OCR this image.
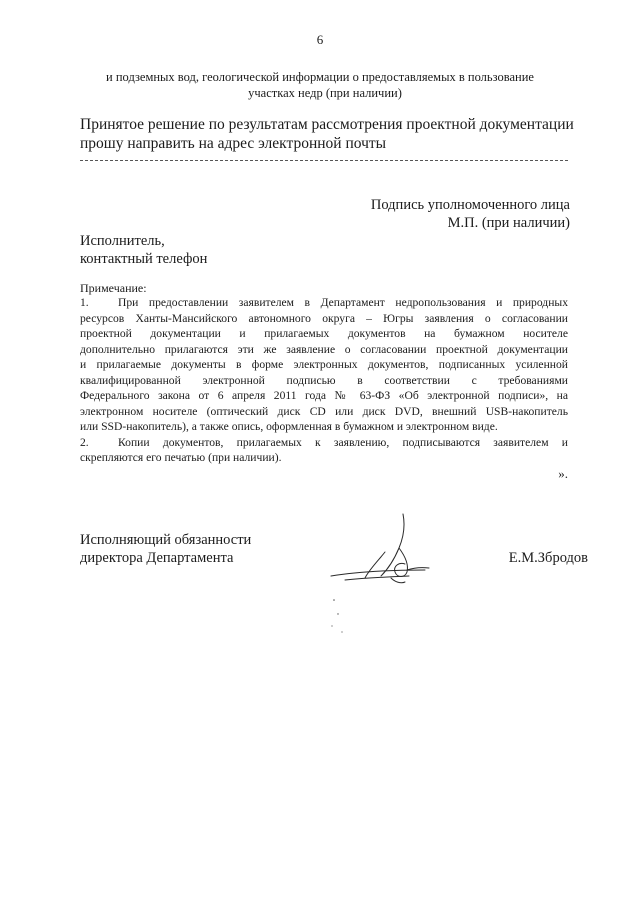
6
и подземных вод, геологической информации о предоставляемых в пользование
участках недр (при наличии)
Принятое решение по результатам рассмотрения проектной документации
прошу направить на адрес электронной почты
Подпись уполномоченного лица
М.П. (при наличии)
Исполнитель,
контактный телефон
Примечание:
1.	При предоставлении заявителем в Департамент недропользования и природных
ресурсов Ханты-Мансийского автономного округа – Югры заявления о согласовании
проектной документации и прилагаемых документов на бумажном носителе
дополнительно прилагаются эти же заявление о согласовании проектной документации
и прилагаемые документы в форме электронных документов, подписанных усиленной
квалифицированной электронной подписью в соответствии с требованиями
Федерального закона от 6 апреля 2011 года № 63-ФЗ «Об электронной подписи», на
электронном носителе (оптический диск CD или диск DVD, внешний USB-накопитель
или SSD-накопитель), а также опись, оформленная в бумажном и электронном виде.
2.	Копии документов, прилагаемых к заявлению, подписываются заявителем и
скрепляются его печатью (при наличии).
».
Исполняющий обязанности
директора Департамента	Е.М.Збродов
